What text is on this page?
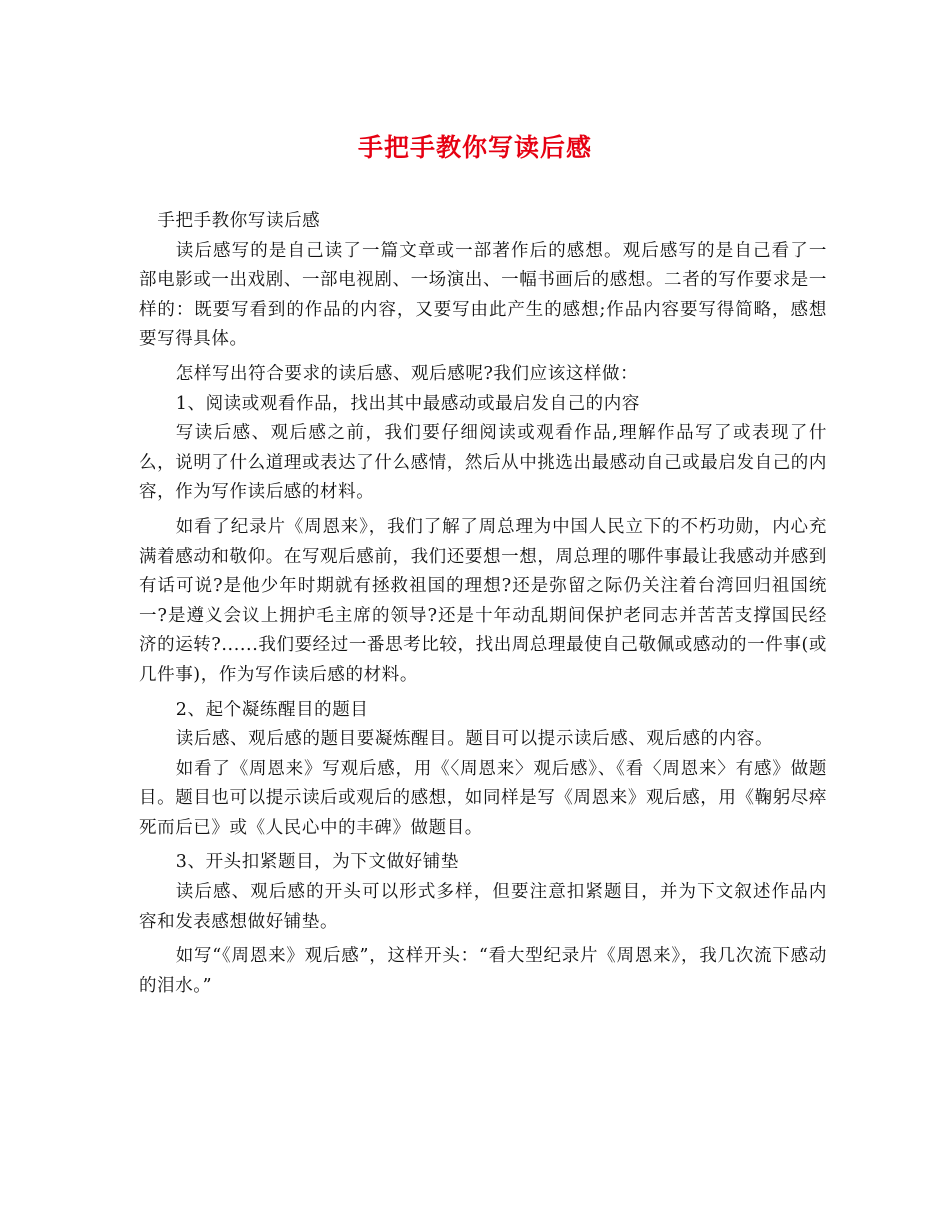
手把手教你写读后感

手把手教你写读后感

读后感写的是自己读了一篇文章或一部著作后的感想。观后感写的是自己看了一部电影或一出戏剧、一部电视剧、一场演出、一幅书画后的感想。二者的写作要求是一样的：既要写看到的作品的内容，又要写由此产生的感想;作品内容要写得简略，感想要写得具体。

怎样写出符合要求的读后感、观后感呢?我们应该这样做：

1、阅读或观看作品，找出其中最感动或最启发自己的内容

写读后感、观后感之前，我们要仔细阅读或观看作品,理解作品写了或表现了什么，说明了什么道理或表达了什么感情，然后从中挑选出最感动自己或最启发自己的内容，作为写作读后感的材料。

如看了纪录片《周恩来》，我们了解了周总理为中国人民立下的不朽功勋，内心充满着感动和敬仰。在写观后感前，我们还要想一想，周总理的哪件事最让我感动并感到有话可说?是他少年时期就有拯救祖国的理想?还是弥留之际仍关注着台湾回归祖国统一?是遵义会议上拥护毛主席的领导?还是十年动乱期间保护老同志并苦苦支撑国民经济的运转?......我们要经过一番思考比较，找出周总理最使自己敬佩或感动的一件事(或几件事)，作为写作读后感的材料。

2、起个凝练醒目的题目

读后感、观后感的题目要凝炼醒目。题目可以提示读后感、观后感的内容。

如看了《周恩来》写观后感，用《〈周恩来〉观后感》、《看〈周恩来〉有感》做题目。题目也可以提示读后或观后的感想，如同样是写《周恩来》观后感，用《鞠躬尽瘁 死而后已》或《人民心中的丰碑》做题目。

3、开头扣紧题目，为下文做好铺垫

读后感、观后感的开头可以形式多样，但要注意扣紧题目，并为下文叙述作品内容和发表感想做好铺垫。

如写“《周恩来》观后感”，这样开头：“看大型纪录片《周恩来》，我几次流下感动的泪水。”
